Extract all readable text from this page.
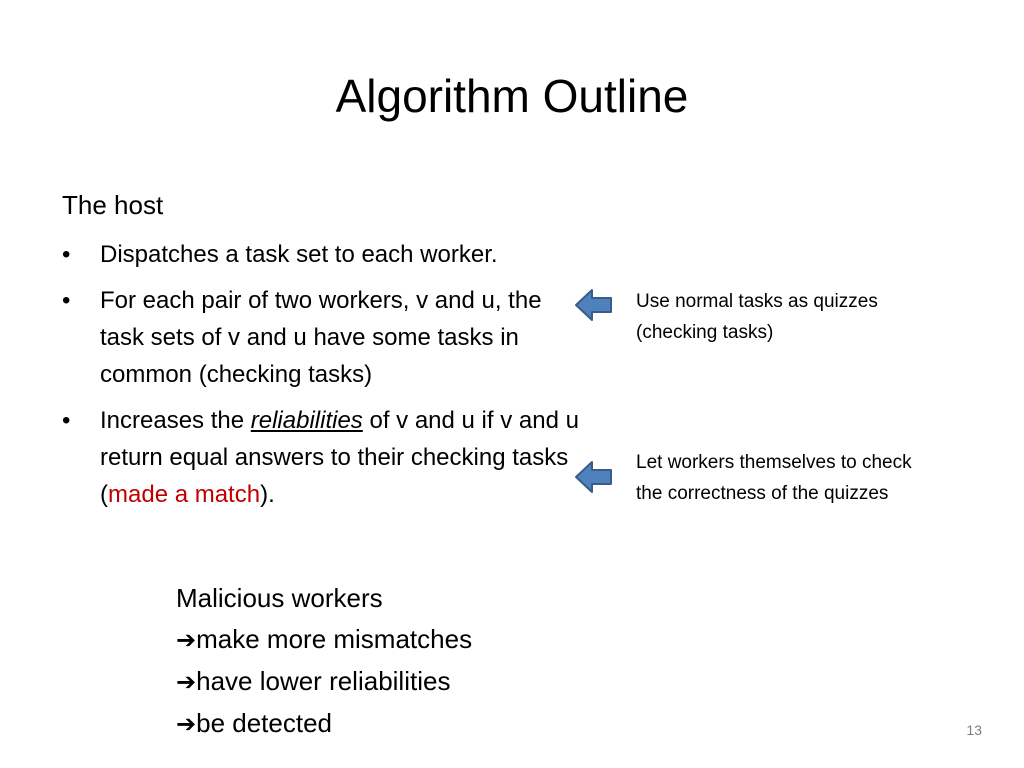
Algorithm Outline
The host
• Dispatches a task set to each worker.
• For each pair of two workers, v and u, the task sets of v and u have some tasks in common (checking tasks)
• Increases the reliabilities of v and u if v and u return equal answers to their checking tasks (made a match).
Use normal tasks as quizzes (checking tasks)
Let workers themselves to check the correctness of the quizzes
Malicious workers
➔make more mismatches
➔have lower reliabilities
➔be detected	13
